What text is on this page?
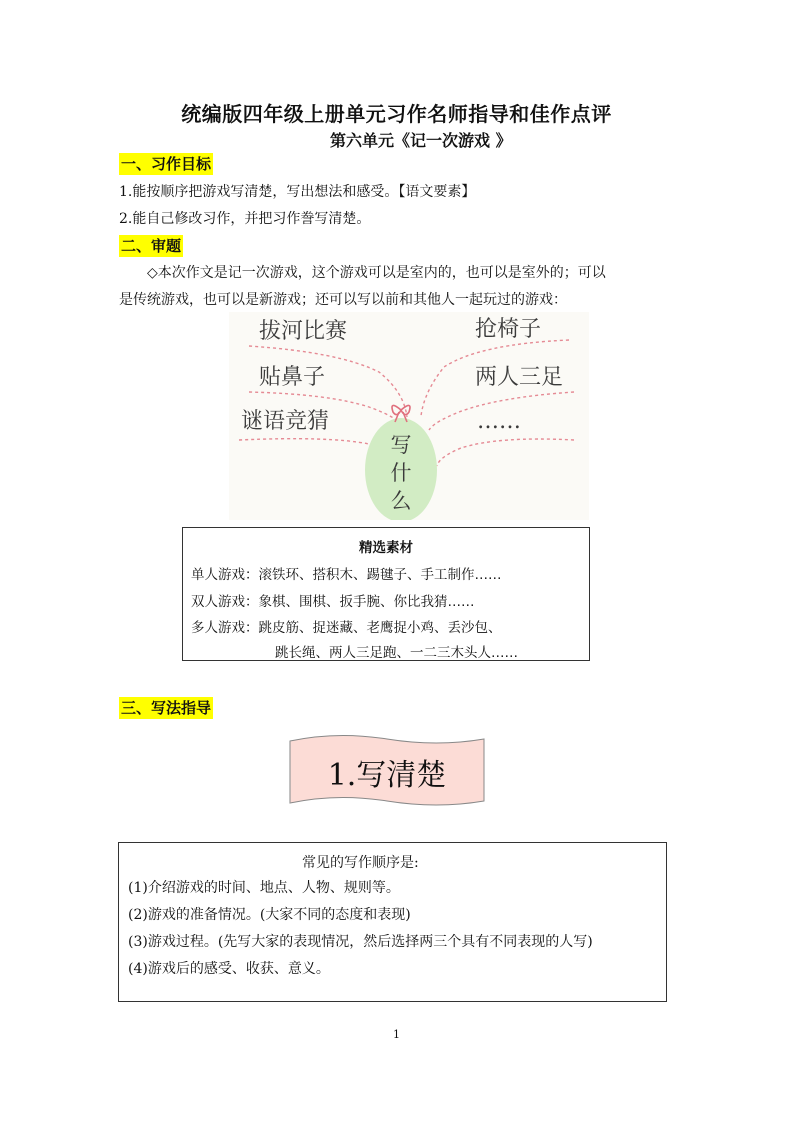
统编版四年级上册单元习作名师指导和佳作点评
第六单元《记一次游戏 》
一、习作目标
1.能按顺序把游戏写清楚，写出想法和感受。【语文要素】
2.能自己修改习作，并把习作誊写清楚。
二、审题
◇本次作文是记一次游戏，这个游戏可以是室内的，也可以是室外的；可以
是传统游戏，也可以是新游戏；还可以写以前和其他人一起玩过的游戏：
拔河比赛
贴鼻子
谜语竞猜
抢椅子
两人三足
……
写
什
么
精选素材
单人游戏：滚铁环、搭积木、踢毽子、手工制作……
双人游戏：象棋、围棋、扳手腕、你比我猜……
多人游戏：跳皮筋、捉迷藏、老鹰捉小鸡、丢沙包、
跳长绳、两人三足跑、一二三木头人……
三、写法指导
1.写清楚
常见的写作顺序是:
(1)介绍游戏的时间、地点、人物、规则等。
(2)游戏的准备情况。(大家不同的态度和表现)
(3)游戏过程。(先写大家的表现情况，然后选择两三个具有不同表现的人写)
(4)游戏后的感受、收获、意义。
1
